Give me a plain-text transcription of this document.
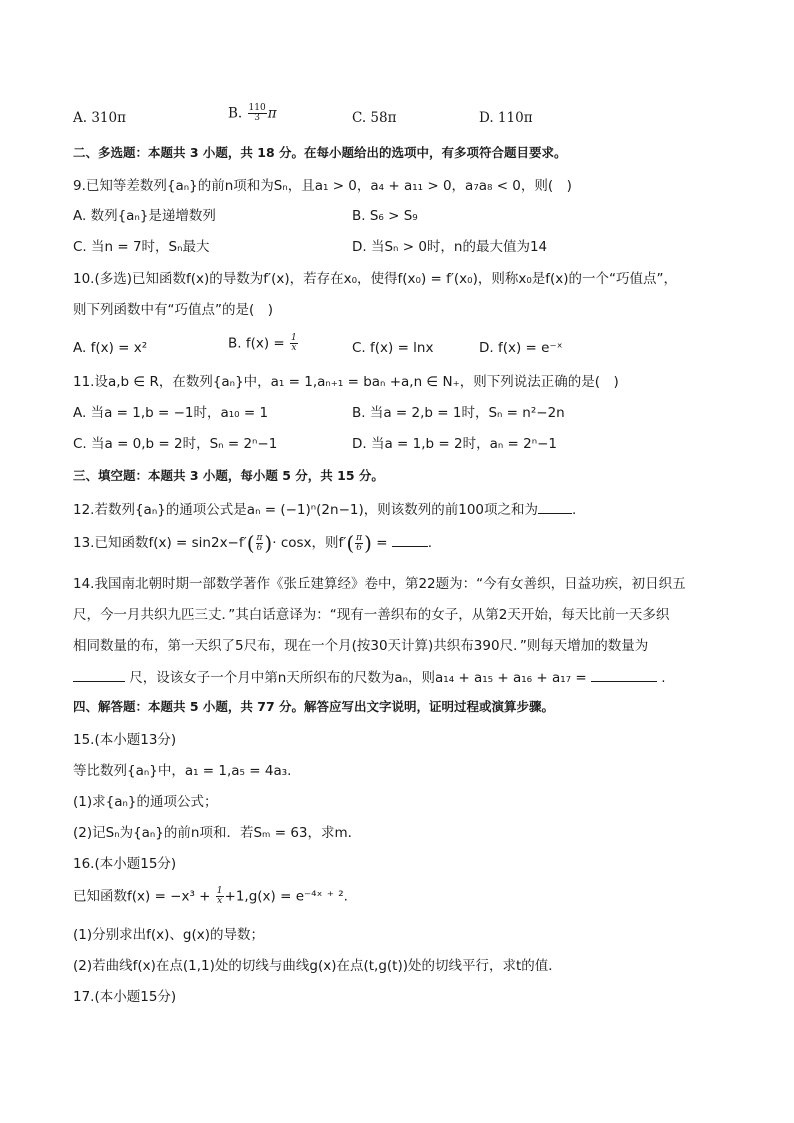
A. 310π	B. $\frac{110}{3}$ π	C. 58π	D. 110π
二、多选题：本题共 3 小题，共 18 分。在每小题给出的选项中，有多项符合题目要求。
9.已知等差数列{aₙ}的前n项和为Sₙ，且a₁ > 0，a₄ + a₁₁ > 0，a₇a₈ < 0，则(　)
A. 数列{aₙ}是递增数列	B. S₆ > S₉
C. 当n = 7时，Sₙ最大	D. 当Sₙ > 0时，n的最大值为14
10.(多选)已知函数f(x)的导数为f′(x)，若存在x₀，使得f(x₀) = f′(x₀)，则称x₀是f(x)的一个“巧值点”，
则下列函数中有“巧值点”的是(　)
A. f(x) = x²	B. $f(x) = \frac{1}{x}$	C. f(x) = lnx	D. f(x) = e⁻ˣ
11.设a,b ∈ R，在数列{aₙ}中，a₁ = 1,aₙ₊₁ = baₙ +a,n ∈ N₊，则下列说法正确的是(　)
A. 当a = 1,b = −1时，a₁₀ = 1	B. 当a = 2,b = 1时，Sₙ = n²−2n
C. 当a = 0,b = 2时，Sₙ = 2ⁿ−1	D. 当a = 1,b = 2时，aₙ = 2ⁿ−1
三、填空题：本题共 3 小题，每小题 5 分，共 15 分。
12.若数列{aₙ}的通项公式是aₙ = (−1)ⁿ(2n−1)，则该数列的前100项之和为	.
13.已知函数$f(x) = \sin 2x-f'( \frac{\pi}{6}$ )· cosx，则$f'( \frac{\pi}{6}$ ) =	.
14.我国南北朝时期一部数学著作《张丘建算经》卷中，第22题为：“今有女善织，日益功疾，初日织五
尺，今一月共织九匹三丈．”其白话意译为：“现有一善织布的女子，从第2天开始，每天比前一天多织
相同数量的布，第一天织了5尺布，现在一个月(按30天计算)共织布390尺．”则每天增加的数量为
尺，设该女子一个月中第n天所织布的尺数为aₙ，则a₁₄ + a₁₅ + a₁₆ + a₁₇ =	.
四、解答题：本题共 5 小题，共 77 分。解答应写出文字说明，证明过程或演算步骤。
15.(本小题13分)
等比数列{aₙ}中，a₁ = 1,a₅ = 4a₃.
(1)求{aₙ}的通项公式；
(2)记Sₙ为{aₙ}的前n项和．若Sₘ = 63，求m．
16.(本小题15分)
已知函数$f(x) = -x^3 + \frac{1}{x} +1,g(x)$ = e⁻⁴ˣ ⁺ ².
(1)分别求出f(x)、g(x)的导数；
(2)若曲线f(x)在点(1,1)处的切线与曲线g(x)在点(t,g(t))处的切线平行，求t的值．
17.(本小题15分)
